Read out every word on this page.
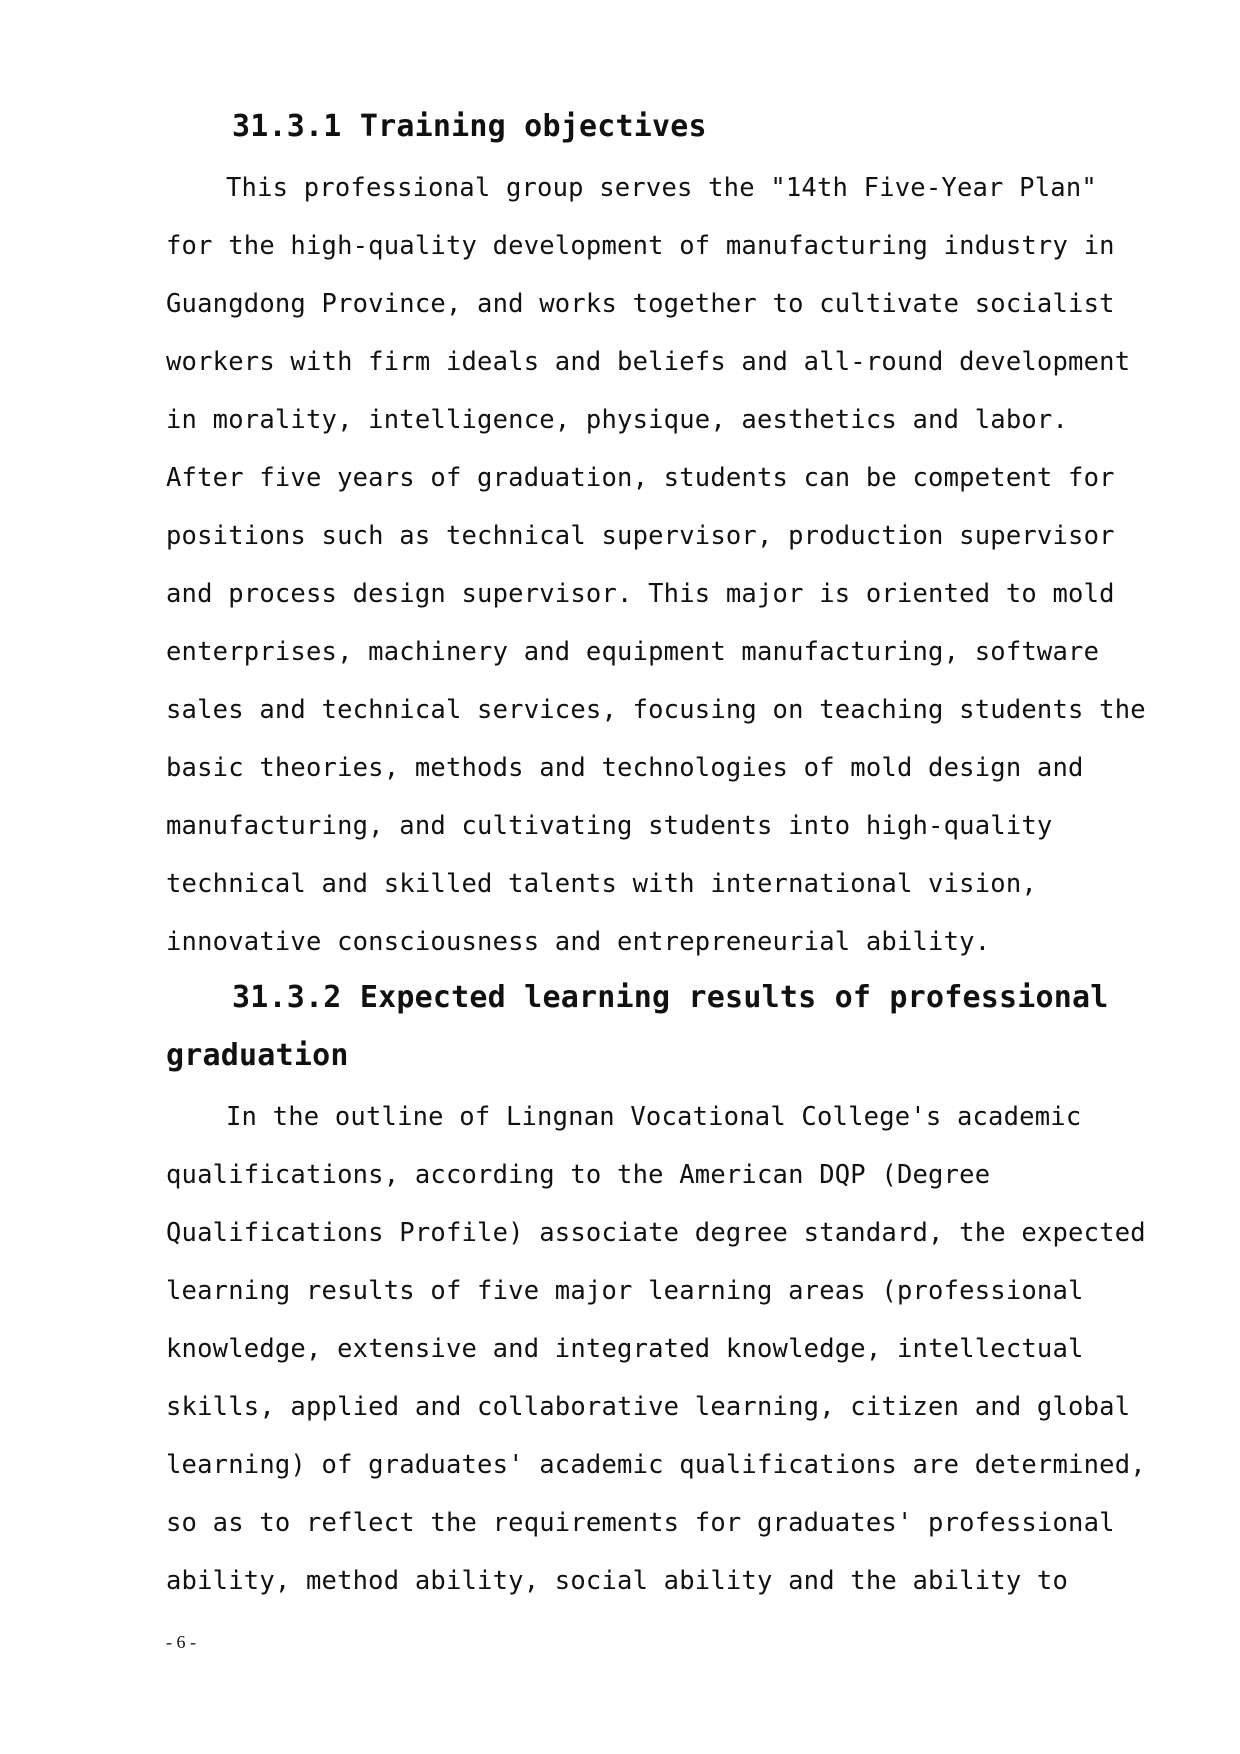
31.3.1 Training objectives
This professional group serves the "14th Five-Year Plan"
for the high-quality development of manufacturing industry in
Guangdong Province, and works together to cultivate socialist
workers with firm ideals and beliefs and all-round development
in morality, intelligence, physique, aesthetics and labor.
After five years of graduation, students can be competent for
positions such as technical supervisor, production supervisor
and process design supervisor. This major is oriented to mold
enterprises, machinery and equipment manufacturing, software
sales and technical services, focusing on teaching students the
basic theories, methods and technologies of mold design and
manufacturing, and cultivating students into high-quality
technical and skilled talents with international vision,
innovative consciousness and entrepreneurial ability.
31.3.2 Expected learning results of professional
graduation
In the outline of Lingnan Vocational College's academic
qualifications, according to the American DQP (Degree
Qualifications Profile) associate degree standard, the expected
learning results of five major learning areas (professional
knowledge, extensive and integrated knowledge, intellectual
skills, applied and collaborative learning, citizen and global
learning) of graduates' academic qualifications are determined,
so as to reflect the requirements for graduates' professional
ability, method ability, social ability and the ability to
- 6 -
